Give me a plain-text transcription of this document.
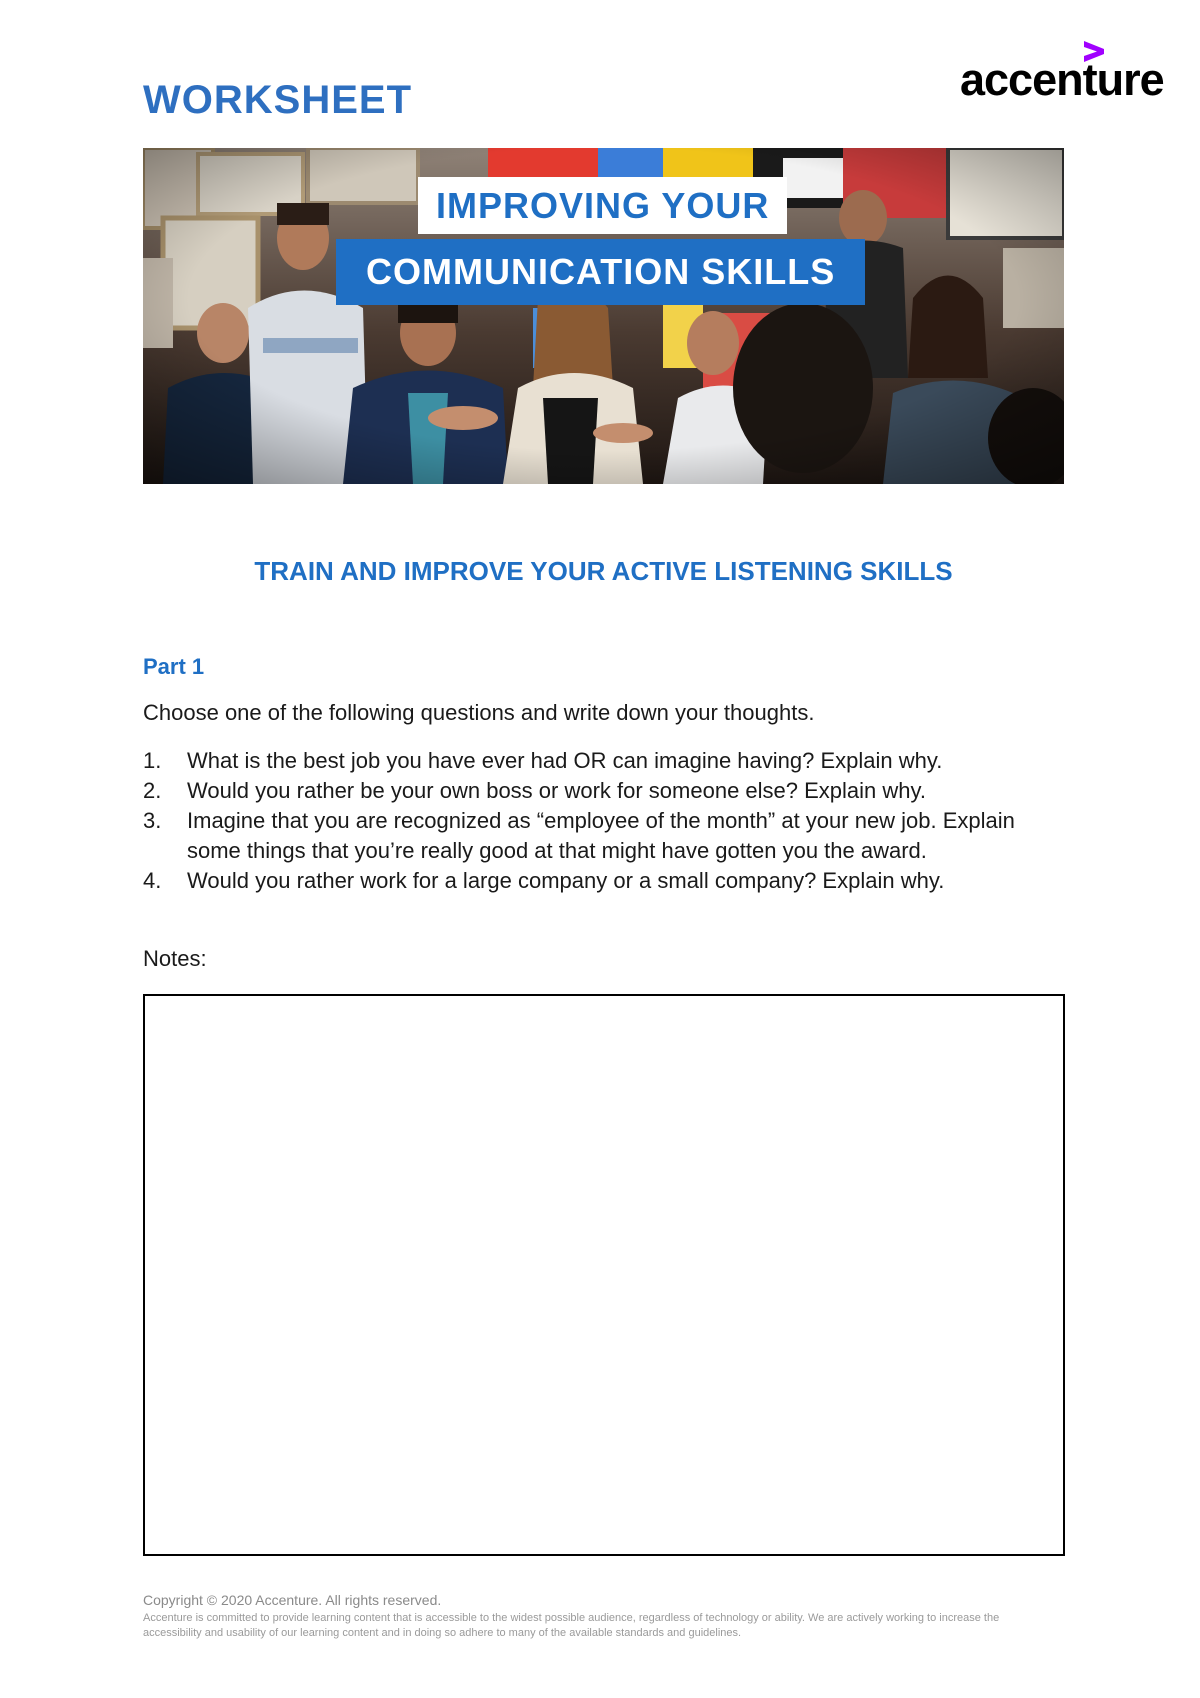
WORKSHEET	accenture
IMPROVING YOUR
COMMUNICATION SKILLS
TRAIN AND IMPROVE YOUR ACTIVE LISTENING SKILLS
Part 1
Choose one of the following questions and write down your thoughts.
1. What is the best job you have ever had OR can imagine having? Explain why.
2. Would you rather be your own boss or work for someone else? Explain why.
3. Imagine that you are recognized as “employee of the month” at your new job. Explain some things that you’re really good at that might have gotten you the award.
4. Would you rather work for a large company or a small company? Explain why.
Notes:
Copyright © 2020 Accenture. All rights reserved.
Accenture is committed to provide learning content that is accessible to the widest possible audience, regardless of technology or ability. We are actively working to increase the accessibility and usability of our learning content and in doing so adhere to many of the available standards and guidelines.
